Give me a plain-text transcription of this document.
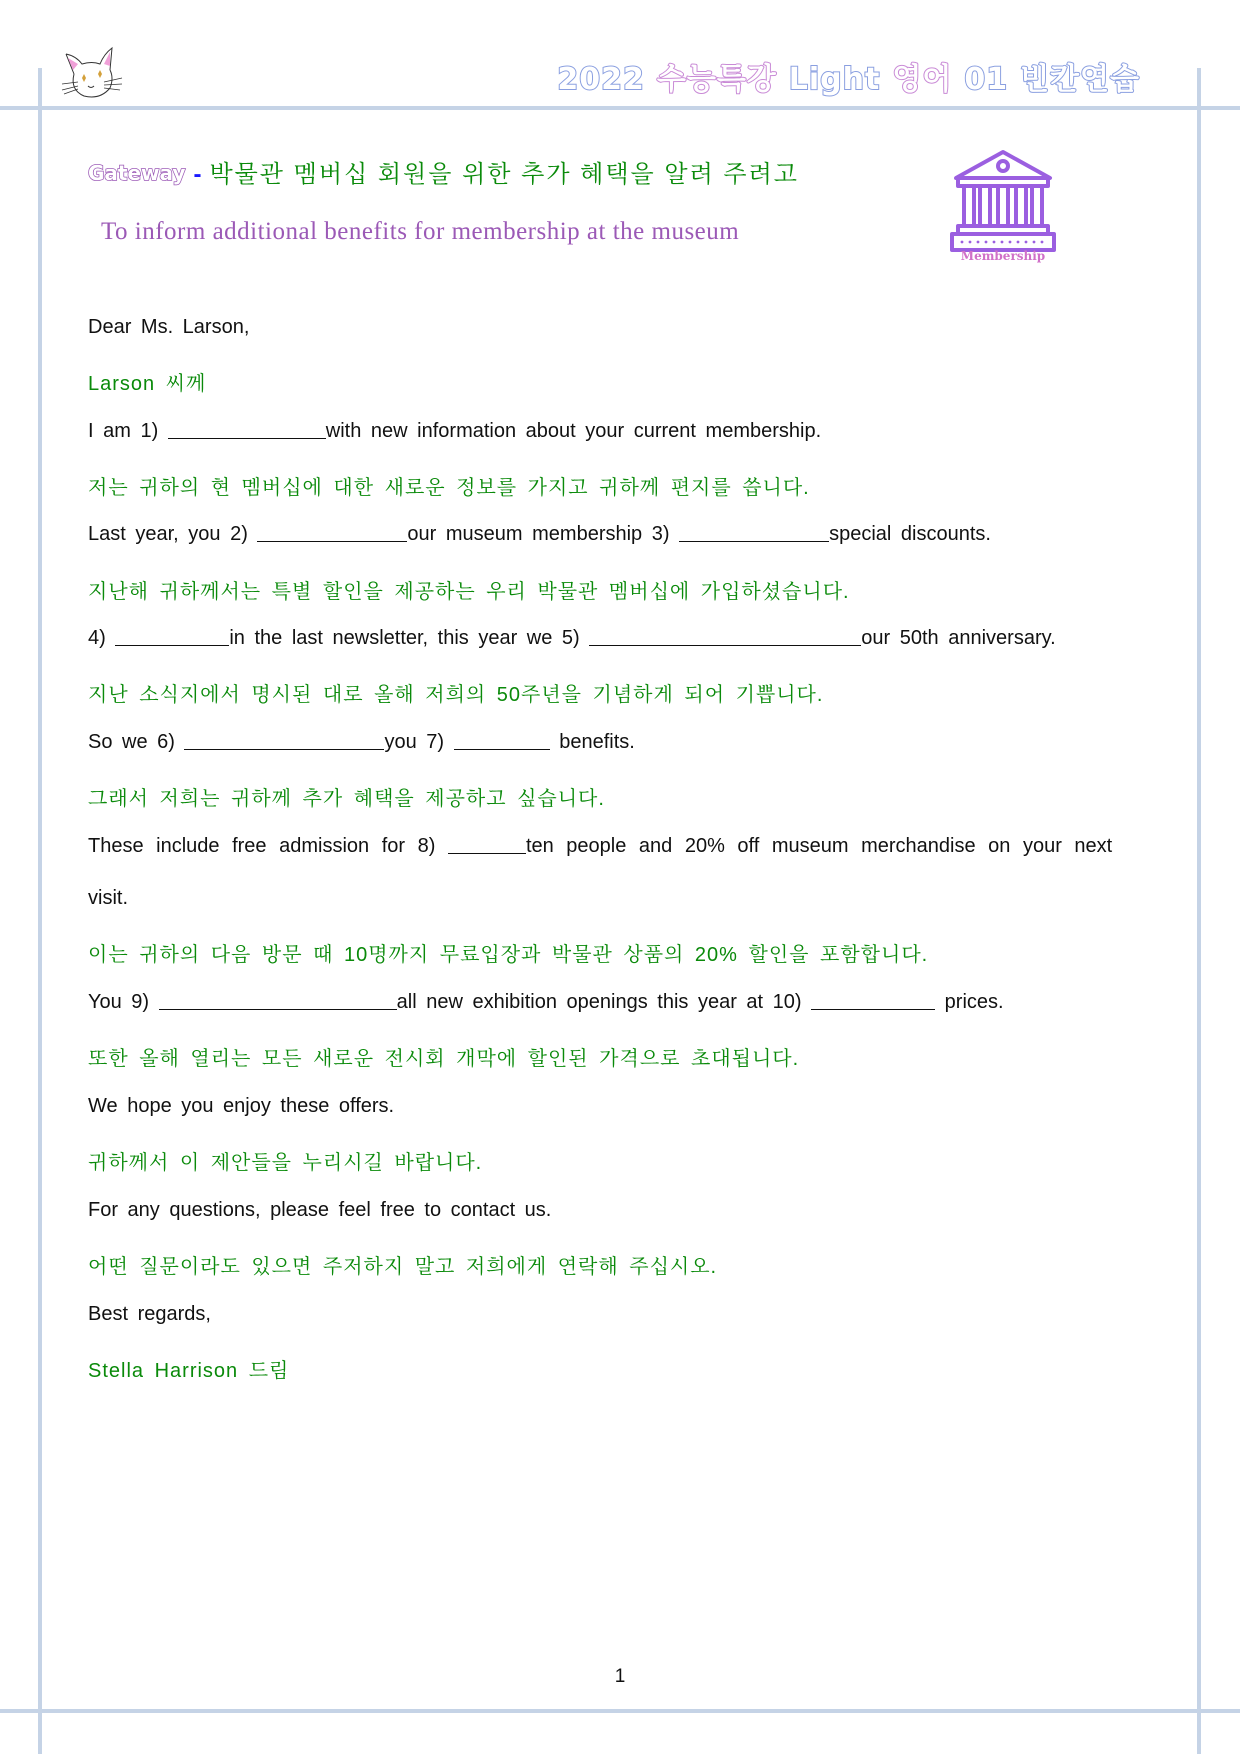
2022 수능특강 Light 영어 01 빈칸연습
Gateway - 박물관 멤버십 회원을 위한 추가 혜택을 알려 주려고
To inform additional benefits for membership at the museum
Membership
Dear Ms. Larson,
Larson 씨께
I am 1)	with new information about your current membership.
저는 귀하의 현 멤버십에 대한 새로운 정보를 가지고 귀하께 편지를 씁니다.
Last year, you 2)	our museum membership 3)	special discounts.
지난해 귀하께서는 특별 할인을 제공하는 우리 박물관 멤버십에 가입하셨습니다.
4)	in the last newsletter, this year we 5)	our 50th anniversary.
지난 소식지에서 명시된 대로 올해 저희의 50주년을 기념하게 되어 기쁩니다.
So we 6)	you 7)	benefits.
그래서 저희는 귀하께 추가 혜택을 제공하고 싶습니다.
These include free admission for 8)	ten people and 20% off museum merchandise on your next
visit.
이는 귀하의 다음 방문 때 10명까지 무료입장과 박물관 상품의 20% 할인을 포함합니다.
You 9)	all new exhibition openings this year at 10)	prices.
또한 올해 열리는 모든 새로운 전시회 개막에 할인된 가격으로 초대됩니다.
We hope you enjoy these offers.
귀하께서 이 제안들을 누리시길 바랍니다.
For any questions, please feel free to contact us.
어떤 질문이라도 있으면 주저하지 말고 저희에게 연락해 주십시오.
Best regards,
Stella Harrison 드림
1
